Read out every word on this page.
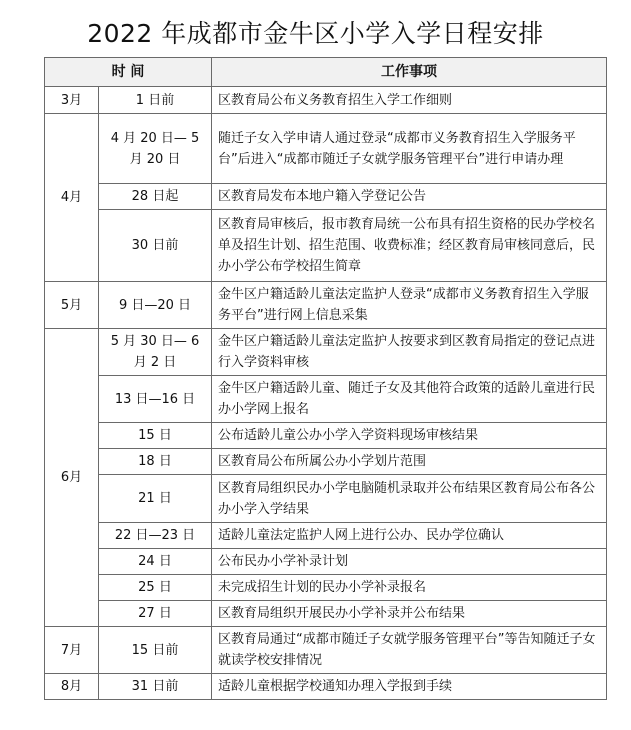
2022 年成都市金牛区小学入学日程安排
时 间		工作事项
3月	1 日前	区教育局公布义务教育招生入学工作细则
4月	4 月 20 日— 5 月 20 日	随迁子女入学申请人通过登录“成都市义务教育招生入学服务平台”后进入“成都市随迁子女就学服务管理平台”进行申请办理
	28 日起	区教育局发布本地户籍入学登记公告
	30 日前	区教育局审核后，报市教育局统一公布具有招生资格的民办学校名单及招生计划、招生范围、收费标准；经区教育局审核同意后，民办小学公布学校招生简章
5月	9 日—20 日	金牛区户籍适龄儿童法定监护人登录“成都市义务教育招生入学服务平台”进行网上信息采集
6月	5 月 30 日— 6 月 2 日	金牛区户籍适龄儿童法定监护人按要求到区教育局指定的登记点进行入学资料审核
	13 日—16 日	金牛区户籍适龄儿童、随迁子女及其他符合政策的适龄儿童进行民办小学网上报名
	15 日	公布适龄儿童公办小学入学资料现场审核结果
	18 日	区教育局公布所属公办小学划片范围
	21 日	区教育局组织民办小学电脑随机录取并公布结果区教育局公布各公办小学入学结果
	22 日—23 日	适龄儿童法定监护人网上进行公办、民办学位确认
	24 日	公布民办小学补录计划
	25 日	未完成招生计划的民办小学补录报名
	27 日	区教育局组织开展民办小学补录并公布结果
7月	15 日前	区教育局通过“成都市随迁子女就学服务管理平台”等告知随迁子女就读学校安排情况
8月	31 日前	适龄儿童根据学校通知办理入学报到手续
